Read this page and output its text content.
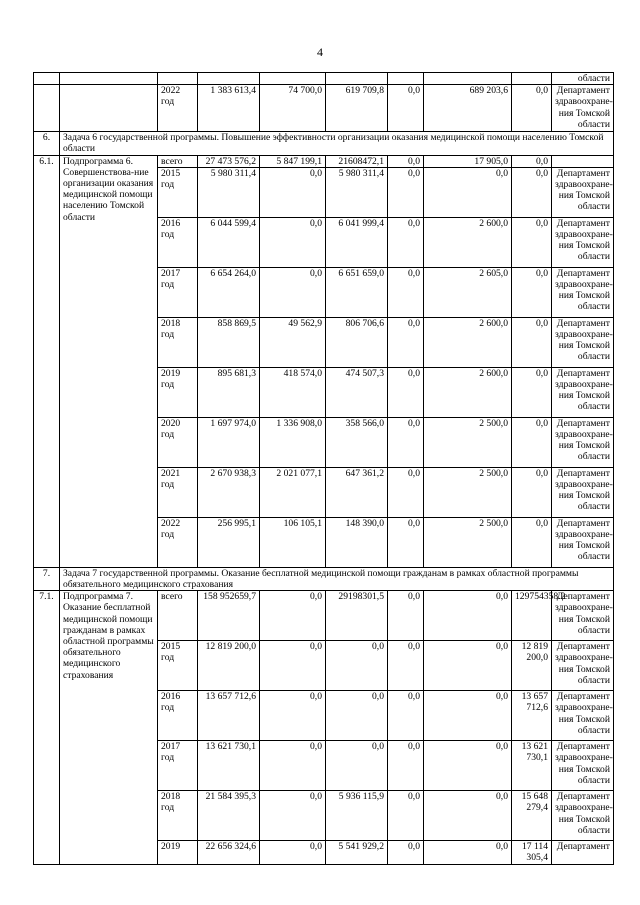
4
									области
		2022 год	1 383 613,4	74 700,0	619 709,8	0,0	689 203,6	0,0	Департамент здравоохране-ния Томской области
6.	Задача 6 государственной программы. Повышение эффективности организации оказания медицинской помощи населению Томской области								
6.1.	Подпрограмма 6. Совершенствова-ние организации оказания медицинской помощи населению Томской области	всего	27 473 576,2	5 847 199,1	21608472,1	0,0	17 905,0	0,0	
		2015 год	5 980 311,4	0,0	5 980 311,4	0,0	0,0	0,0	Департамент здравоохране-ния Томской области
		2016 год	6 044 599,4	0,0	6 041 999,4	0,0	2 600,0	0,0	Департамент здравоохране-ния Томской области
		2017 год	6 654 264,0	0,0	6 651 659,0	0,0	2 605,0	0,0	Департамент здравоохране-ния Томской области
		2018 год	858 869,5	49 562,9	806 706,6	0,0	2 600,0	0,0	Департамент здравоохране-ния Томской области
		2019 год	895 681,3	418 574,0	474 507,3	0,0	2 600,0	0,0	Департамент здравоохране-ния Томской области
		2020 год	1 697 974,0	1 336 908,0	358 566,0	0,0	2 500,0	0,0	Департамент здравоохране-ния Томской области
		2021 год	2 670 938,3	2 021 077,1	647 361,2	0,0	2 500,0	0,0	Департамент здравоохране-ния Томской области
		2022 год	256 995,1	106 105,1	148 390,0	0,0	2 500,0	0,0	Департамент здравоохране-ния Томской области
7.	Задача 7 государственной программы. Оказание бесплатной медицинской помощи гражданам в рамках областной программы обязательного медицинского страхования								
7.1.	Подпрограмма 7. Оказание бесплатной медицинской помощи гражданам в рамках областной программы обязательного медицинского страхования	всего	158 952659,7	0,0	29198301,5	0,0	0,0	129754358.2	Департамент здравоохране-ния Томской области
		2015 год	12 819 200,0	0,0	0,0	0,0	0,0	12 819 200,0	Департамент здравоохране-ния Томской области
		2016 год	13 657 712,6	0,0	0,0	0,0	0,0	13 657 712,6	Департамент здравоохране-ния Томской области
		2017 год	13 621 730,1	0,0	0,0	0,0	0,0	13 621 730,1	Департамент здравоохране-ния Томской области
		2018 год	21 584 395,3	0,0	5 936 115,9	0,0	0,0	15 648 279,4	Департамент здравоохране-ния Томской области
		2019	22 656 324,6	0,0	5 541 929,2	0,0	0,0	17 114 305,4	Департамент
